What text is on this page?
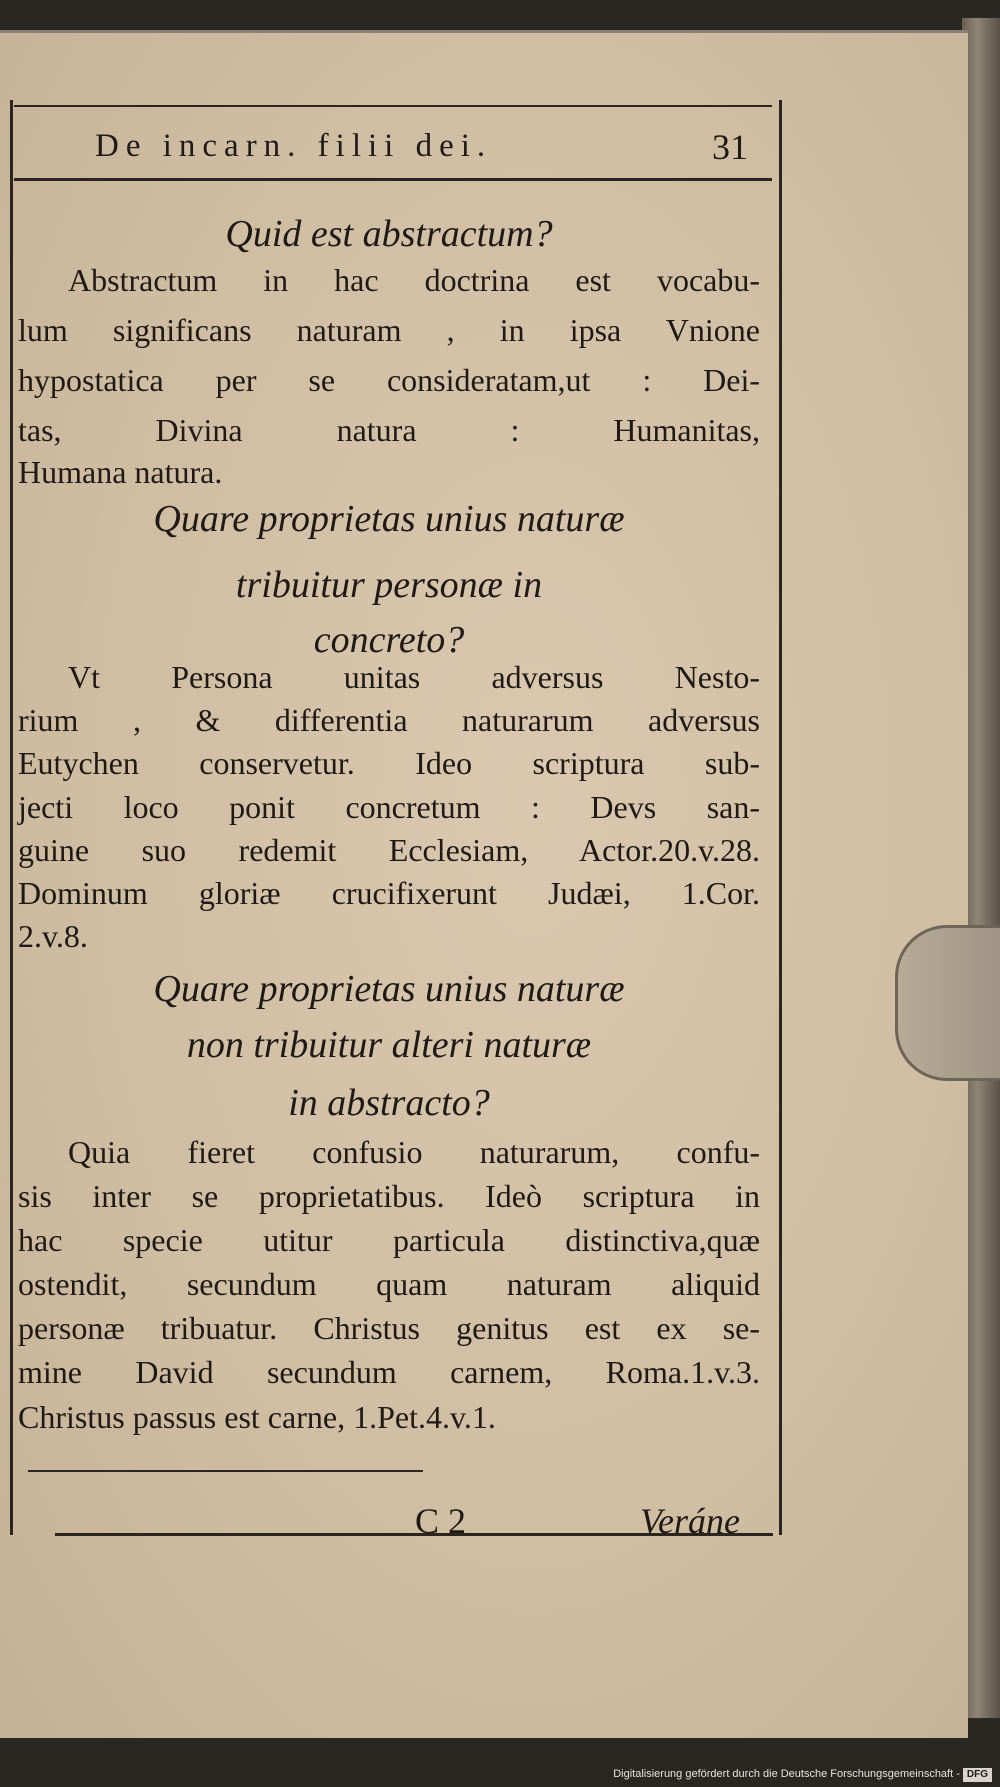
De incarn. filii dei.	31
Quid est abstractum?
Abstractum in hac doctrina est vocabu-
lum significans naturam , in ipsa Vnione
hypostatica per se consideratam,ut : Dei-
tas, Divina natura : Humanitas,
Humana natura.
Quare proprietas unius naturæ
tribuitur personæ in
concreto?
Vt Persona unitas adversus Nesto-
rium , & differentia naturarum adversus
Eutychen conservetur. Ideo scriptura sub-
jecti loco ponit concretum : Devs san-
guine suo redemit Ecclesiam, Actor.20.v.28.
Dominum gloriæ crucifixerunt Judæi, 1.Cor.
2.v.8.
Quare proprietas unius naturæ
non tribuitur alteri naturæ
in abstracto?
Quia fieret confusio naturarum, confu-
sis inter se proprietatibus. Ideò scriptura in
hac specie utitur particula distinctiva,quæ
ostendit, secundum quam naturam aliquid
personæ tribuatur. Christus genitus est ex se-
mine David secundum carnem, Roma.1.v.3.
Christus passus est carne, 1.Pet.4.v.1.
C 2	Veráne
Digitalisierung gefördert durch die Deutsche Forschungsgemeinschaft - DFG
